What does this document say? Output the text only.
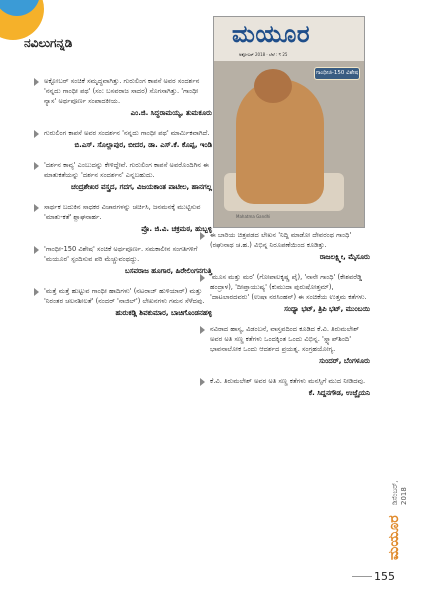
ನವಿಲುಗನ್ನಡಿ	ಮಯೂರ
ಅಕ್ಟೋಬರ್ 2018 · ಬೆಲೆ : ₹ 25
ಗಾಂಧೀಜಿ-150 ವಿಶೇಷ
Mahatma Gandhi
ಅಕ್ಟೋಬರ್ ಸಂಚಿಕೆ ಸಮೃದ್ಧವಾಗಿತ್ತು. ಗುರುಲಿಂಗ ಕಾಪಸೆ ಅವರ ಸಂದರ್ಶನ 'ನನ್ನದು ಗಾಂಧೀ ಪಥ' (ಸಂ: ಬಸವರಾಜ ಸಾದರ) ಸೊಗಸಾಗಿತ್ತು. 'ಗಾಂಧೀ ನ್ಯಾಸ' ಅರ್ಥಪೂರ್ಣ ಸಂಪಾದಕೀಯ.
ಎಂ.ಜಿ. ಸಿದ್ಧರಾಮಯ್ಯ, ತುಮಕೂರು
ಗುರುಲಿಂಗ ಕಾಪಸೆ ಅವರ ಸಂದರ್ಶನ 'ನನ್ನದು ಗಾಂಧೀ ಪಥ' ಮಾರ್ಮಿಕವಾಗಿದೆ.
ಬಿ.ಎಸ್. ಸೊಲ್ಲಾಪುರ, ಬೀದರ, ಡಾ. ಎಸ್.ಕೆ. ಕೊಪ್ಪ, ಇಂಡಿ
'ದರ್ಶನ ಕಾವ್ಯ' ಎಂಬುದನ್ನು ಕೇಳಿದ್ದೇವೆ. ಗುರುಲಿಂಗ ಕಾಪಸೆ ಅವರೊಂದಿಗಿನ ಈ ಮಾತುಕತೆಯನ್ನು 'ದರ್ಶನ ಸಂದರ್ಶನ' ಎನ್ನಬಹುದು.
ಚಂದ್ರಶೇಖರ ವಸ್ತ್ರದ, ಗದಗ, ವಿಜಯಕಾಂತ ಪಾಟೀಲ, ಹಾನಗಲ್ಲ
ಸಾರ್ಥಕ ಬದುಕಿನ ಸಾಧಕರ ವಿಚಾರಗಳನ್ನು ಚರ್ಚಿಸಿ, ಜನಮನಕ್ಕೆ ಮುಟ್ಟಿಸುವ 'ಮಾತು-ಕತೆ' ಶ್ಲಾಘನಾರ್ಹ.
ಪ್ರೊ. ಜಿ.ವಿ. ಚಕ್ರಮಠ, ಹುಬ್ಬಳ್ಳಿ
'ಗಾಂಧೀ-150 ವಿಶೇಷ' ಸಂಚಿಕೆ ಅರ್ಥಪೂರ್ಣ. ಸಮಕಾಲೀನ ಸಂಗತಿಗಳಿಗೆ 'ಮಯೂರ' ಸ್ಪಂದಿಸುವ ಪರಿ ಮೆಚ್ಚುವಂಥದ್ದು.
ಬಸವರಾಜ ಹೂಗಾರ, ಹಿರೇಲಿಂಗನಗುತ್ತಿ
'ಮತ್ತೆ ಮತ್ತೆ ಹುಟ್ಟುವ ಗಾಂಧೀ ಹಾದಿಗಳು' (ನಟರಾಜ್ ಹುಳಿಯಾರ್) ಮತ್ತು 'ನಿರಂತರ ಚಲನಶೀಲತೆ' (ನಂದರ್ 'ನಾಜಿಲ್') ಲೇಖನಗಳು ಗಮನ ಸೆಳೆದವು.
ಹುರುಕಡ್ಲಿ ಶಿವಕುಮಾರ, ಬಾಚಿಗೊಂಡನಹಳ್ಳಿ
ಈ ಬಾರಿಯ ಚಿತ್ರಪಡದ ಲೇಖನ 'ನಿದ್ದಿ ಮಾಡೋ ದೇವರಂಥ ಗಾಂಧಿ' (ರಘುನಾಥ ಚ.ಹ.) ವಿಭಿನ್ನ ನಿರೂಪಣೆಯಿಂದ ಕೂಡಿತ್ತು.
ರಾಜಲಕ್ಷ್ಮೀ, ಮೈಸೂರು
'ಮೂಸ ಮತ್ತು ಮರ' (ಗೋಪಾಲಕೃಷ್ಣ ಪೈ), 'ನಾನೇ ಗಾಂಧಿ' (ಕೇಶವರೆಡ್ಡಿ ಹಂದ್ರಾಳ), 'ದೀಪ್ತಾಯುಷ್ಯ' (ಕುಮುದಾ ಪುರುಷೋತ್ತಮ್), 'ದಾಟಲಾರದವರು' (ಉಷಾ ನರಸಿಂಹನ್) ಈ ಸಂಚಿಕೆಯ ಉತ್ತಮ ಕತೆಗಳು.
ಸಂಧ್ಯಾ ಭಟ್, ತ್ರಿಪಿ ಭಟ್, ಮುಂಬಯಿ
ನವಿರಾದ ಹಾಸ್ಯ, ವಿಡಂಬನೆ, ವಾಸ್ತವದಿಂದ ಕೂಡಿದ ಕೆ.ವಿ. ತಿರುಮಲೇಶ್ ಅವರ ಅತಿ ಸಣ್ಣ ಕತೆಗಳು ಒಂದಕ್ಕಿಂತ ಒಂದು ವಿಭಿನ್ನ. 'ಸ್ನ್ಯಾಪ್‌ಶಿಂದಿ' ಭಾವನಾಲೋಕ ಒಂದು ಆದರ್ಶದ ಪ್ರಯತ್ನ. ಸಂಗ್ರಹಯೋಗ್ಯ.
ಸುಂದರ್, ಬೆಂಗಳೂರು
ಕೆ.ವಿ. ತಿರುಮಲೇಶ್ ಅವರ ಅತಿ ಸಣ್ಣ ಕತೆಗಳು ಮನಸ್ಸಿಗೆ ಮುದ ನೀಡಿದವು.
ಕೆ. ಸಿದ್ದನಗೌಡ, ಉಜ್ಜೈಯನಿ
ಮಯೂರ
ಡಿಸೆಂಬರ್, 2018
155
